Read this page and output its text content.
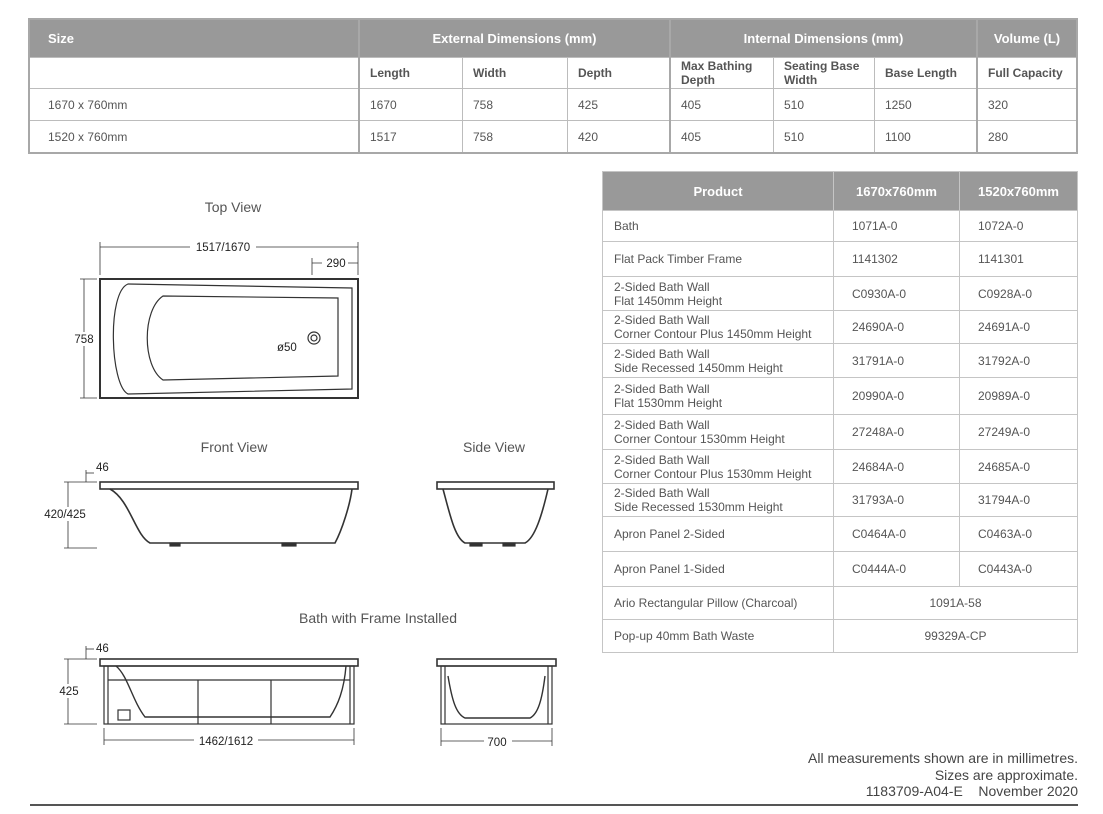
Size	External Dimensions (mm)			Internal Dimensions (mm)			Volume (L)
	Length	Width	Depth	Max Bathing Depth	Seating Base Width	Base Length	Full Capacity
1670 x 760mm	1670	758	425	405	510	1250	320
1520 x 760mm	1517	758	420	405	510	1100	280
Top View
Front View	Side View
Bath with Frame Installed
1517/1670
290
758
ø50
46
420/425
46
425
1462/1612	700
Product	1670x760mm	1520x760mm

Bath	1071A-0	1072A-0

Flat Pack Timber Frame	1141302	1141301

2-Sided Bath Wall
Flat 1450mm Height	C0930A-0	C0928A-0

2-Sided Bath Wall
Corner Contour Plus 1450mm Height	24690A-0	24691A-0

2-Sided Bath Wall
Side Recessed 1450mm Height	31791A-0	31792A-0

2-Sided Bath Wall
Flat 1530mm Height	20990A-0	20989A-0

2-Sided Bath Wall
Corner Contour 1530mm Height	27248A-0	27249A-0

2-Sided Bath Wall
Corner Contour Plus 1530mm Height	24684A-0	24685A-0

2-Sided Bath Wall
Side Recessed 1530mm Height	31793A-0	31794A-0

Apron Panel 2-Sided	C0464A-0	C0463A-0

Apron Panel 1-Sided	C0444A-0	C0443A-0
Ario Rectangular Pillow (Charcoal)	1091A-58	
Pop-up 40mm Bath Waste	99329A-CP	
All measurements shown are in millimetres.
Sizes are approximate.
1183709-A04-E November 2020
